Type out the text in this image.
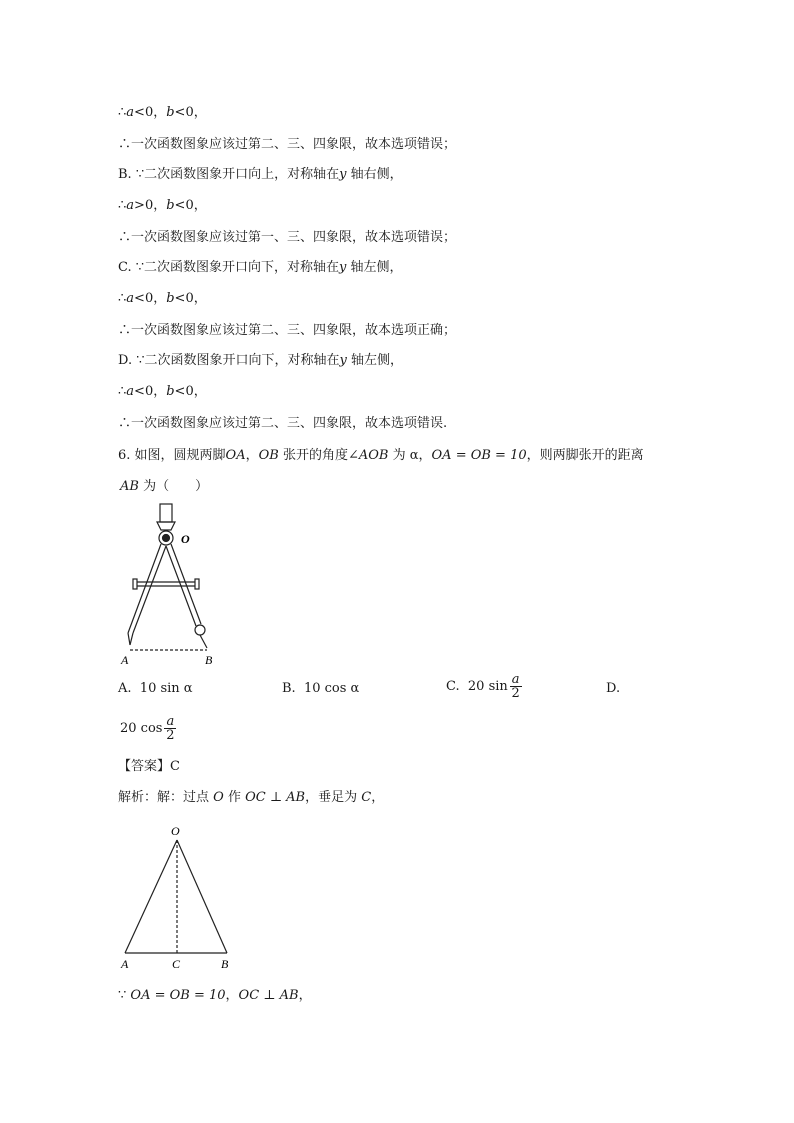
∴a<0，b<0，
∴一次函数图象应该过第二、三、四象限，故本选项错误；
B. ∵二次函数图象开口向上，对称轴在y 轴右侧，
∴a>0，b<0，
∴一次函数图象应该过第一、三、四象限，故本选项错误；
C. ∵二次函数图象开口向下，对称轴在y 轴左侧，
∴a<0，b<0，
∴一次函数图象应该过第二、三、四象限，故本选项正确；
D. ∵二次函数图象开口向下，对称轴在y 轴左侧，
∴a<0，b<0，
∴一次函数图象应该过第二、三、四象限，故本选项错误.
6. 如图，圆规两脚OA，OB 张开的角度∠AOB 为 α，OA = OB = 10，则两脚张开的距离
AB 为（　　）
O
A	B
A. 10 sin α	B. 10 cos α	C. 20 $\sin \frac{a}{2}$	D.
20 $\cos \frac{a}{2}$
【答案】C
解析：解：过点 O 作 OC ⊥ AB，垂足为 C，
O
A	C	B
∵ OA = OB = 10，OC ⊥ AB，
